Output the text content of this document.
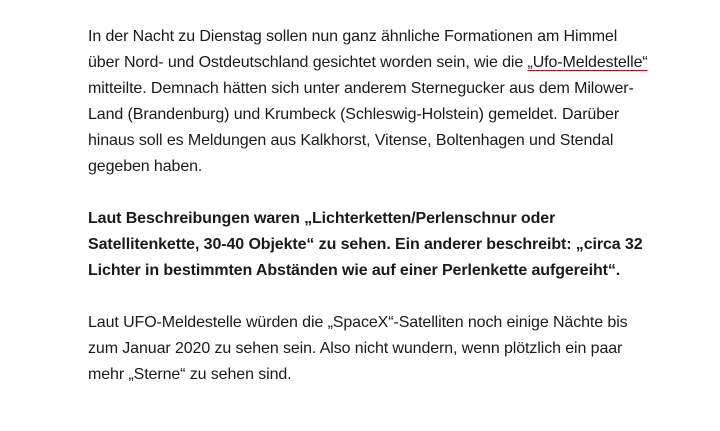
In der Nacht zu Dienstag sollen nun ganz ähnliche Formationen am Himmel über Nord- und Ostdeutschland gesichtet worden sein, wie die „Ufo-Meldestelle“ mitteilte. Demnach hätten sich unter anderem Sternegucker aus dem Milower-Land (Brandenburg) und Krumbeck (Schleswig-Holstein) gemeldet. Darüber hinaus soll es Meldungen aus Kalkhorst, Vitense, Boltenhagen und Stendal gegeben haben.

Laut Beschreibungen waren „Lichterketten/Perlenschnur oder Satellitenkette, 30-40 Objekte“ zu sehen. Ein anderer beschreibt: „circa 32 Lichter in bestimmten Abständen wie auf einer Perlenkette aufgereiht“.

Laut UFO-Meldestelle würden die „SpaceX“-Satelliten noch einige Nächte bis zum Januar 2020 zu sehen sein. Also nicht wundern, wenn plötzlich ein paar mehr „Sterne“ zu sehen sind.
